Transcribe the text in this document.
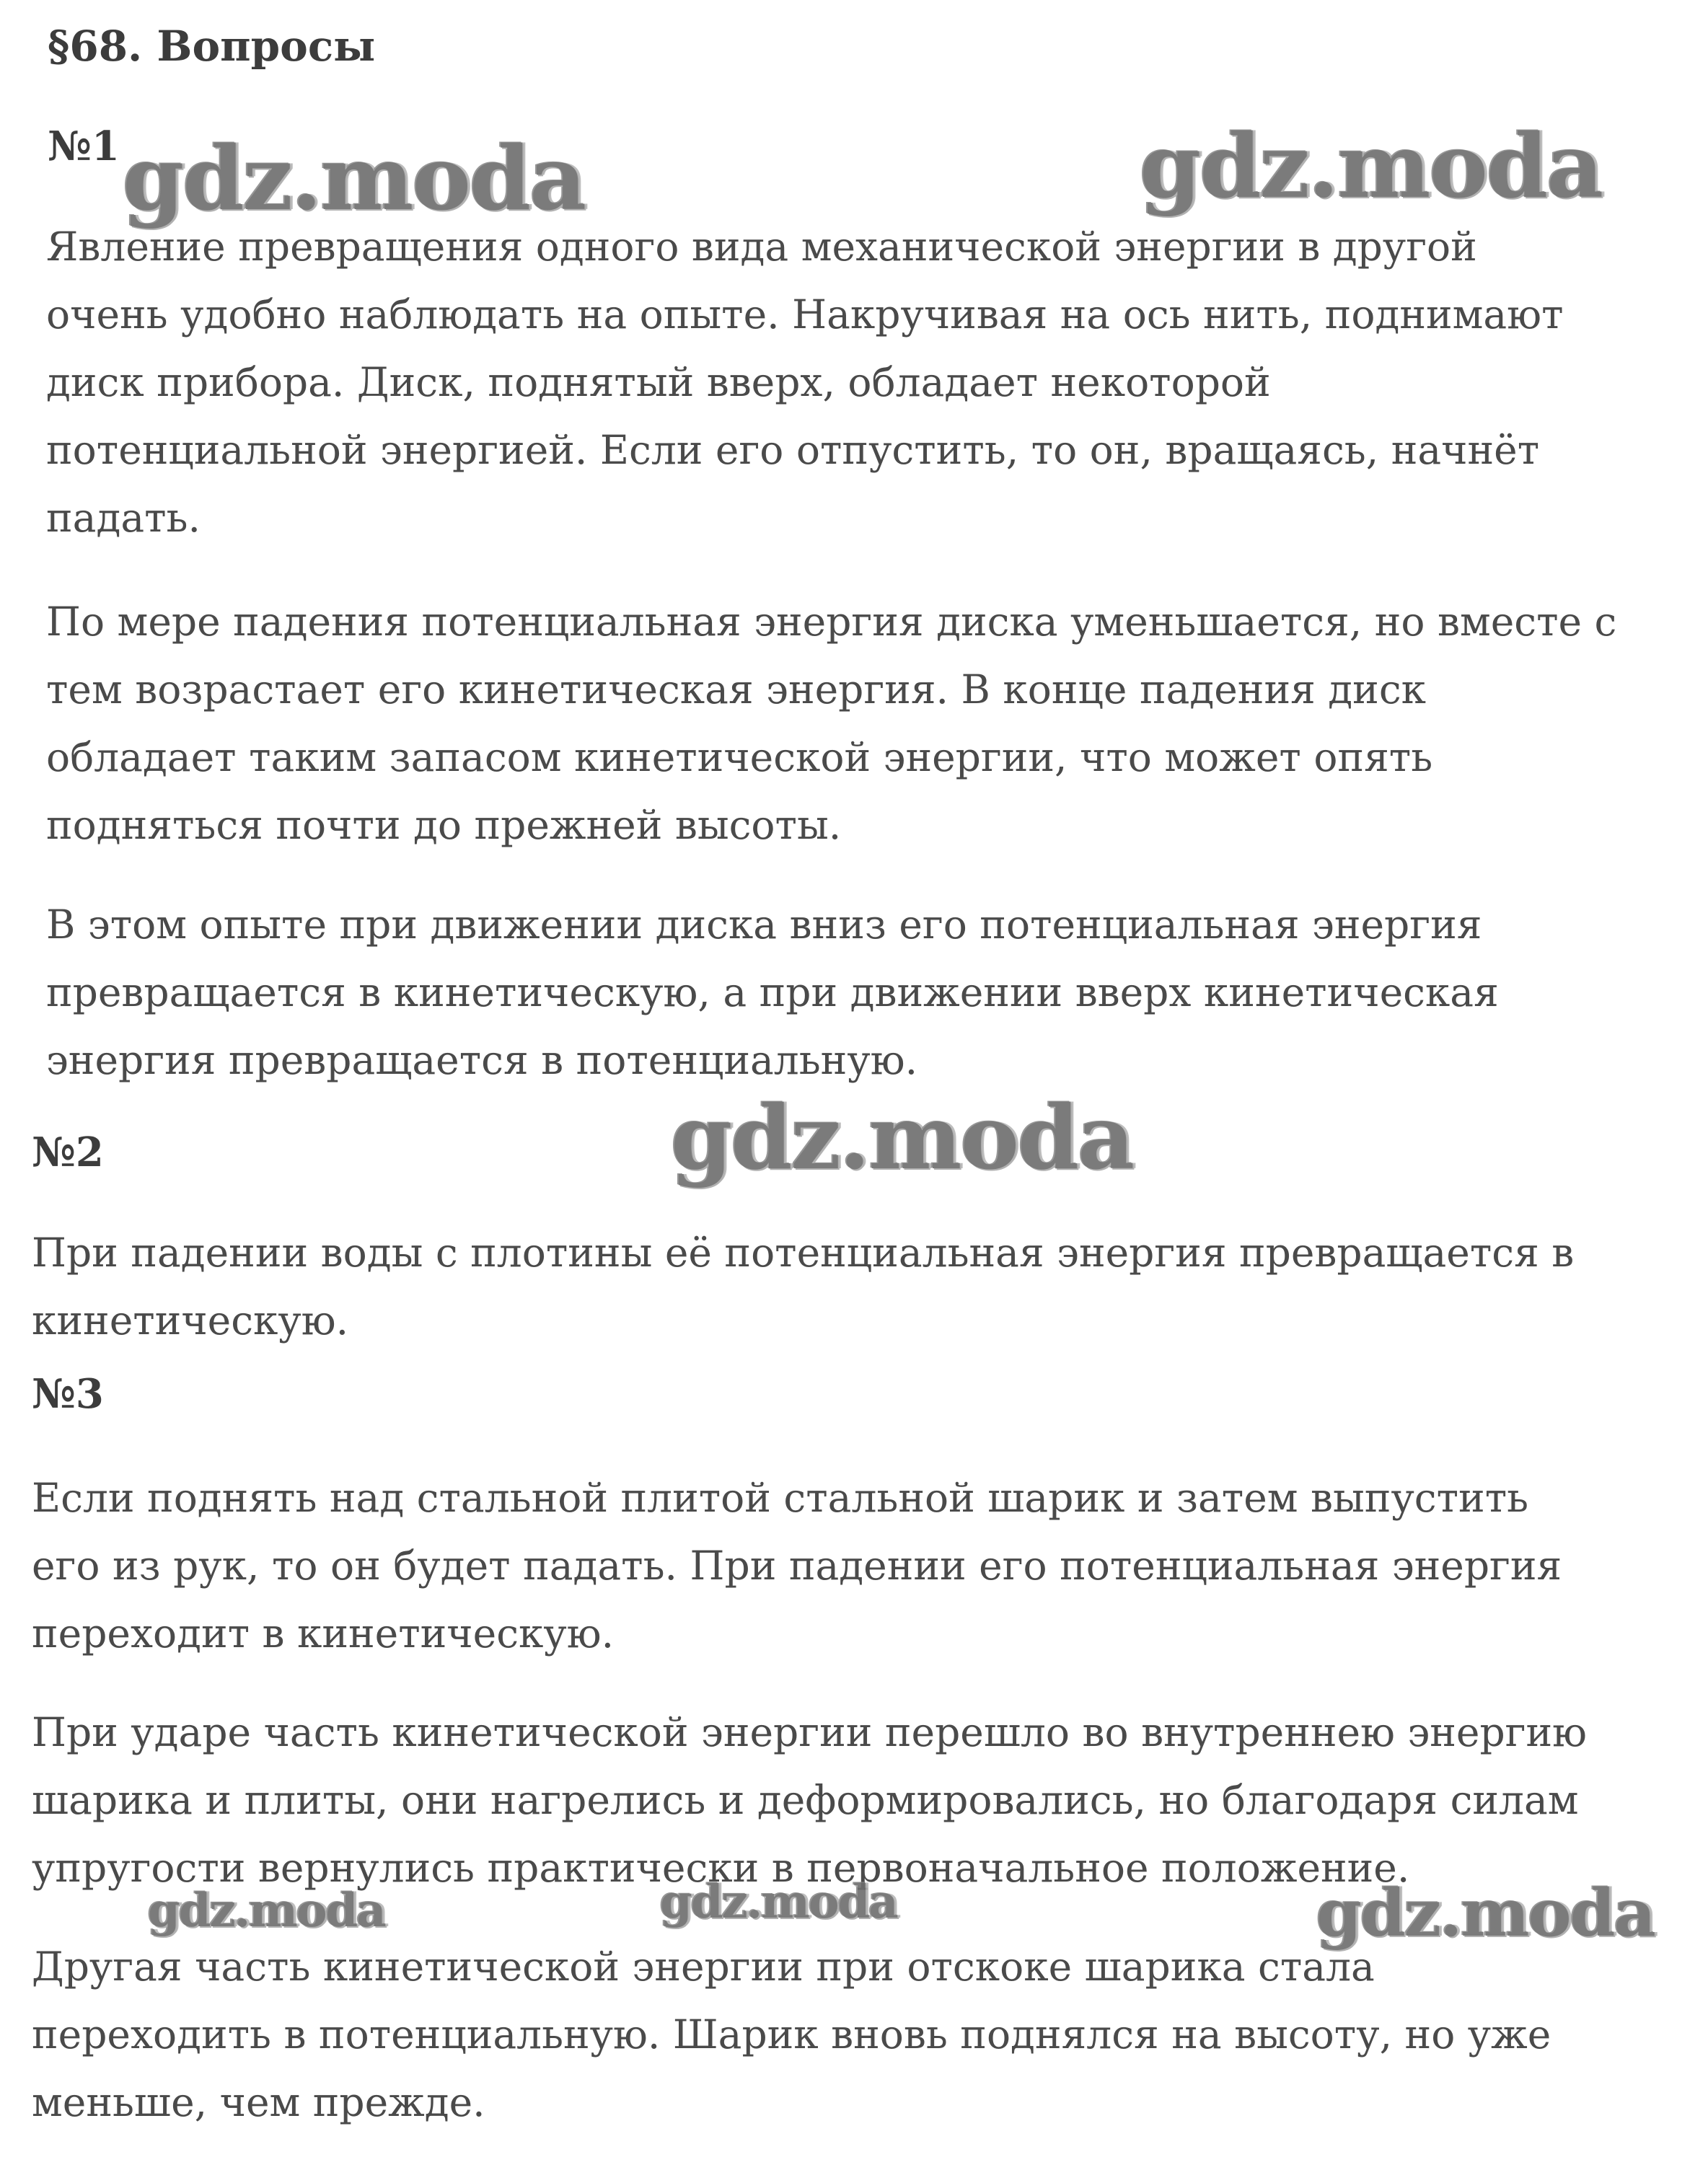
§68. Вопросы
№1
Явление превращения одного вида механической энергии в другой
очень удобно наблюдать на опыте. Накручивая на ось нить, поднимают
диск прибора. Диск, поднятый вверх, обладает некоторой
потенциальной энергией. Если его отпустить, то он, вращаясь, начнёт
падать.
По мере падения потенциальная энергия диска уменьшается, но вместе с
тем возрастает его кинетическая энергия. В конце падения диск
обладает таким запасом кинетической энергии, что может опять
подняться почти до прежней высоты.
В этом опыте при движении диска вниз его потенциальная энергия
превращается в кинетическую, а при движении вверх кинетическая
энергия превращается в потенциальную.
№2
При падении воды с плотины её потенциальная энергия превращается в
кинетическую.
№3
Если поднять над стальной плитой стальной шарик и затем выпустить
его из рук, то он будет падать. При падении его потенциальная энергия
переходит в кинетическую.
При ударе часть кинетической энергии перешло во внутреннею энергию
шарика и плиты, они нагрелись и деформировались, но благодаря силам
упругости вернулись практически в первоначальное положение.
Другая часть кинетической энергии при отскоке шарика стала
переходить в потенциальную. Шарик вновь поднялся на высоту, но уже
меньше, чем прежде.
gdz.moda	gdz.moda
gdz.moda
gdz.moda	gdz.moda	gdz.moda
